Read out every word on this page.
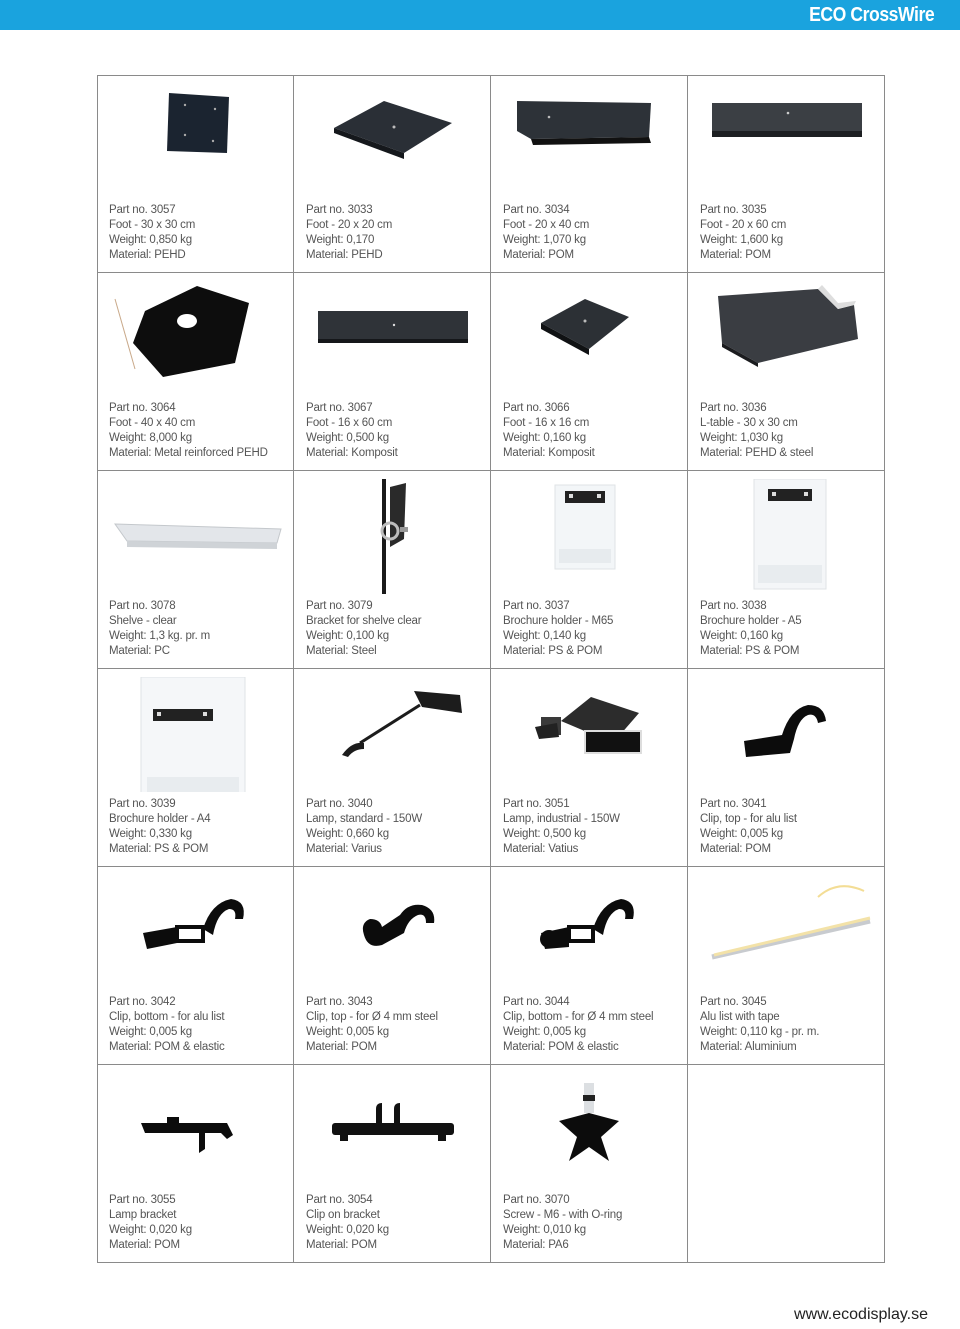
ECO CrossWire
Part no. 3057
Foot - 30 x 30 cm
Weight: 0,850 kg
Material: PEHD
Part no. 3033
Foot - 20 x 20 cm
Weight: 0,170
Material: PEHD
Part no. 3034
Foot - 20 x 40 cm
Weight: 1,070 kg
Material: POM
Part no. 3035
Foot - 20 x 60 cm
Weight: 1,600 kg
Material: POM
Part no. 3064
Foot - 40 x 40 cm
Weight: 8,000 kg
Material: Metal reinforced PEHD
Part no. 3067
Foot - 16 x 60 cm
Weight: 0,500 kg
Material: Komposit
Part no. 3066
Foot - 16 x 16 cm
Weight: 0,160 kg
Material: Komposit
Part no. 3036
L-table - 30 x 30 cm
Weight: 1,030 kg
Material: PEHD & steel
Part no. 3078
Shelve - clear
Weight: 1,3 kg. pr. m
Material: PC
Part no. 3079
Bracket for shelve clear
Weight: 0,100 kg
Material: Steel
Part no. 3037
Brochure holder - M65
Weight: 0,140 kg
Material: PS & POM
Part no. 3038
Brochure holder - A5
Weight: 0,160 kg
Material: PS & POM
Part no. 3039
Brochure holder - A4
Weight: 0,330 kg
Material: PS & POM
Part no. 3040
Lamp, standard - 150W
Weight: 0,660 kg
Material: Varius
Part no. 3051
Lamp, industrial - 150W
Weight: 0,500 kg
Material: Vatius
Part no. 3041
Clip, top - for alu list
Weight: 0,005 kg
Material: POM
Part no. 3042
Clip, bottom - for alu list
Weight: 0,005 kg
Material: POM & elastic
Part no. 3043
Clip, top - for Ø 4 mm steel
Weight: 0,005 kg
Material: POM
Part no. 3044
Clip, bottom - for Ø 4 mm steel
Weight: 0,005 kg
Material: POM & elastic
Part no. 3045
Alu list with tape
Weight: 0,110 kg - pr. m.
Material: Aluminium
Part no. 3055
Lamp bracket
Weight: 0,020 kg
Material: POM
Part no. 3054
Clip on bracket
Weight: 0,020 kg
Material: POM
Part no. 3070
Screw - M6 - with O-ring
Weight: 0,010 kg
Material: PA6
www.ecodisplay.se
